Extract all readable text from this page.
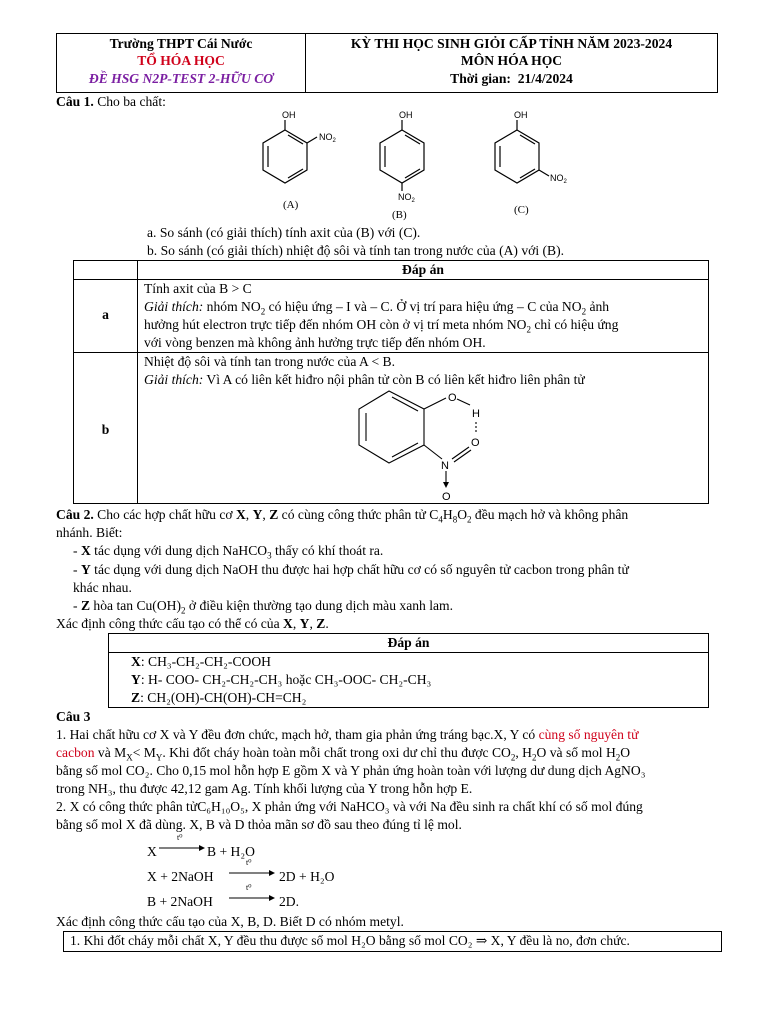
Trường THPT Cái Nước
TỔ HÓA HỌC
ĐỀ HSG N2P-TEST 2-HỮU CƠ
KỲ THI HỌC SINH GIỎI CẤP TỈNH NĂM 2023-2024
MÔN HÓA HỌC
Thời gian: 21/4/2024
Câu 1. Cho ba chất:
OH
$NO_2$
(A)
OH
$NO_2$
(B)
OH
$NO_2$
(C)
a. So sánh (có giải thích) tính axit của (B) với (C).
b. So sánh (có giải thích) nhiệt độ sôi và tính tan trong nước của (A) với (B).
Đáp án
a
Tính axit của B > C
Giải thích: nhóm $NO_2$ có hiệu ứng – I và – C. Ở vị trí para hiệu ứng – C của $NO_2$ ảnh
hưởng hút electron trực tiếp đến nhóm OH còn ở vị trí meta nhóm $NO_2$ chỉ có hiệu ứng
với vòng benzen mà không ảnh hưởng trực tiếp đến nhóm OH.
b
Nhiệt độ sôi và tính tan trong nước của A < B.
Giải thích: Vì A có liên kết hiđro nội phân tử còn B có liên kết hiđro liên phân tử
O
H
O
N
O
Câu 2. Cho các hợp chất hữu cơ X, Y, Z có cùng công thức phân tử $C_4H_8O_2$ đều mạch hở và không phân
nhánh. Biết:
- X tác dụng với dung dịch NaHCO$_3$ thấy có khí thoát ra.
- Y tác dụng với dung dịch NaOH thu được hai hợp chất hữu cơ có số nguyên tử cacbon trong phân tử
khác nhau.
- Z hòa $\tan Cu(OH)_2$ ở điều kiện thường tạo dung dịch màu xanh lam.
Xác định công thức cấu tạo có thể có của X, Y, Z.
Đáp án
X: CH₃-CH₂-CH₂-COOH
Y: H- COO- CH₂-CH₂-CH₃ hoặc CH₃-OOC- CH₂-CH₃
Z: CH₂(OH)-CH(OH)-CH=CH₂
Câu 3
1. Hai chất hữu cơ X và Y đều đơn chức, mạch hở, tham gia phản ứng tráng bạc.X, Y có cùng số nguyên tử
cacbon và $M_X< M_Y$. Khi đốt cháy hoàn toàn mỗi chất trong oxi dư chỉ thu được $CO_2$, $H_2O$ và số mol $H_2O$
bằng số mol CO₂. Cho 0,15 mol hỗn hợp E gồm X và Y phản ứng hoàn toàn với lượng dư dung dịch AgNO₃
trong NH₃, thu được 42,12 gam Ag. Tính khối lượng của Y trong hỗn hợp E.
2. X có công thức phân tửC₆H₁₀O₅, X phản ứng với NaHCO₃ và với Na đều sinh ra chất khí có số mol đúng
bằng số mol X đã dùng. X, B và D thỏa mãn sơ đồ sau theo đúng tỉ lệ mol.
X
t⁰
B + H₂O
X + 2NaOH
t⁰
2D + H₂O
B + 2NaOH
t⁰
2D.
Xác định công thức cấu tạo của X, B, D. Biết D có nhóm metyl.
1. Khi đốt cháy mỗi chất X, Y đều thu được số mol H₂O bằng số mol CO₂ ⇒ X, Y đều là no, đơn chức.
